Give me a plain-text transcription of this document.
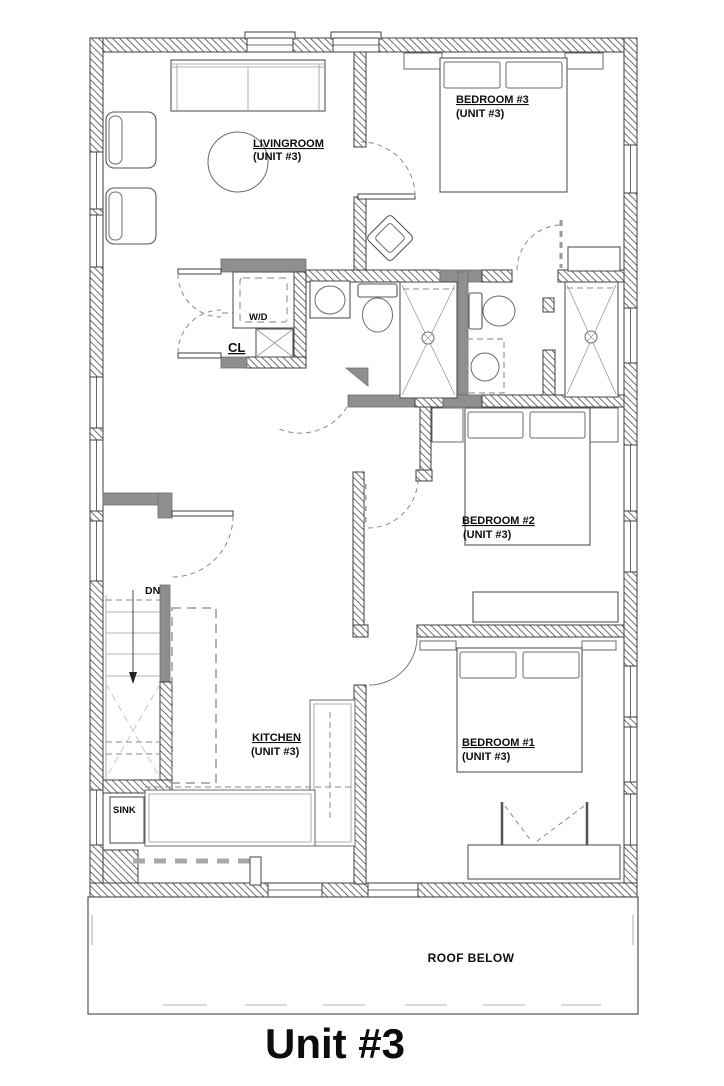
LIVINGROOM
(UNIT #3)
BEDROOM #3
(UNIT #3)
W/D
CL
BEDROOM #2
(UNIT #3)
BEDROOM #1
(UNIT #3)
DN
SINK
KITCHEN
(UNIT #3)
ROOF BELOW
Unit #3
